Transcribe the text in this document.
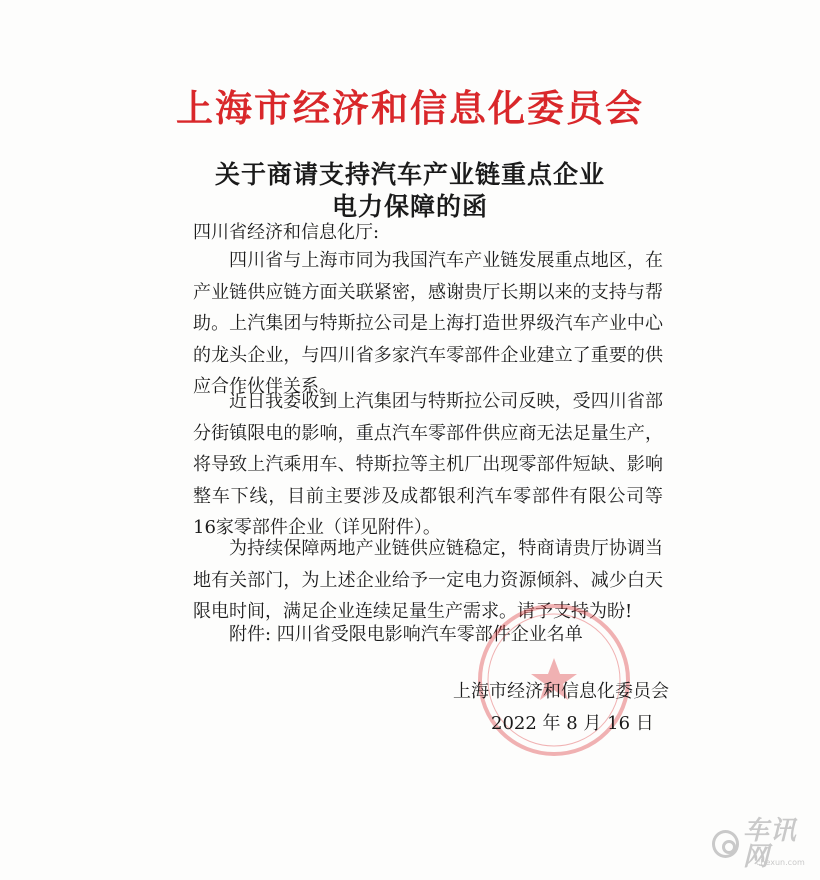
上海市经济和信息化委员会
关于商请支持汽车产业链重点企业
电力保障的函
四川省经济和信息化厅:

四川省与上海市同为我国汽车产业链发展重点地区，在产业链供应链方面关联紧密，感谢贵厅长期以来的支持与帮助。上汽集团与特斯拉公司是上海打造世界级汽车产业中心的龙头企业，与四川省多家汽车零部件企业建立了重要的供应合作伙伴关系。

近日我委收到上汽集团与特斯拉公司反映，受四川省部分街镇限电的影响，重点汽车零部件供应商无法足量生产，将导致上汽乘用车、特斯拉等主机厂出现零部件短缺、影响整车下线，目前主要涉及成都银利汽车零部件有限公司等16家零部件企业（详见附件）。

为持续保障两地产业链供应链稳定，特商请贵厅协调当地有关部门，为上述企业给予一定电力资源倾斜、减少白天限电时间，满足企业连续足量生产需求。请予支持为盼!

附件: 四川省受限电影响汽车零部件企业名单
上海市经济和信息化委员会
2022 年 8 月 16 日
车讯网
chexun.com
